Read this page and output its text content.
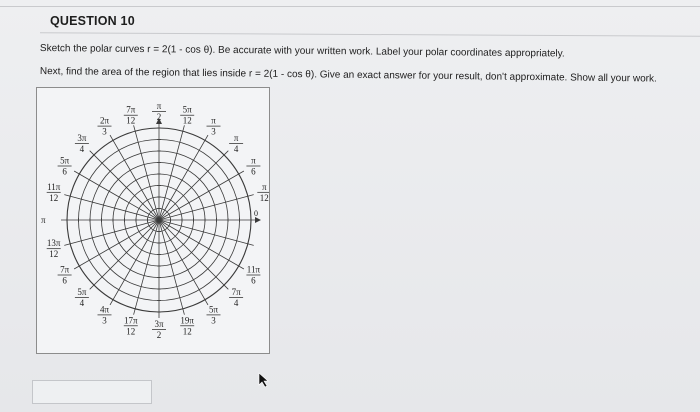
QUESTION 10
Sketch the polar curves r = 2(1 - cos θ). Be accurate with your written work. Label your polar coordinates appropriately.
Next, find the area of the region that lies inside r = 2(1 - cos θ). Give an exact answer for your result, don't approximate. Show all your work.
π
2
5π
12 π
3
π
4
π
6
π
12
11π
6
7π
4
5π
3
19π
12
3π
2
17π
12
4π
3
5π
4
7π
6
13π
12
11π
12
5π
6
3π
4
2π
3
7π
12
π
0
